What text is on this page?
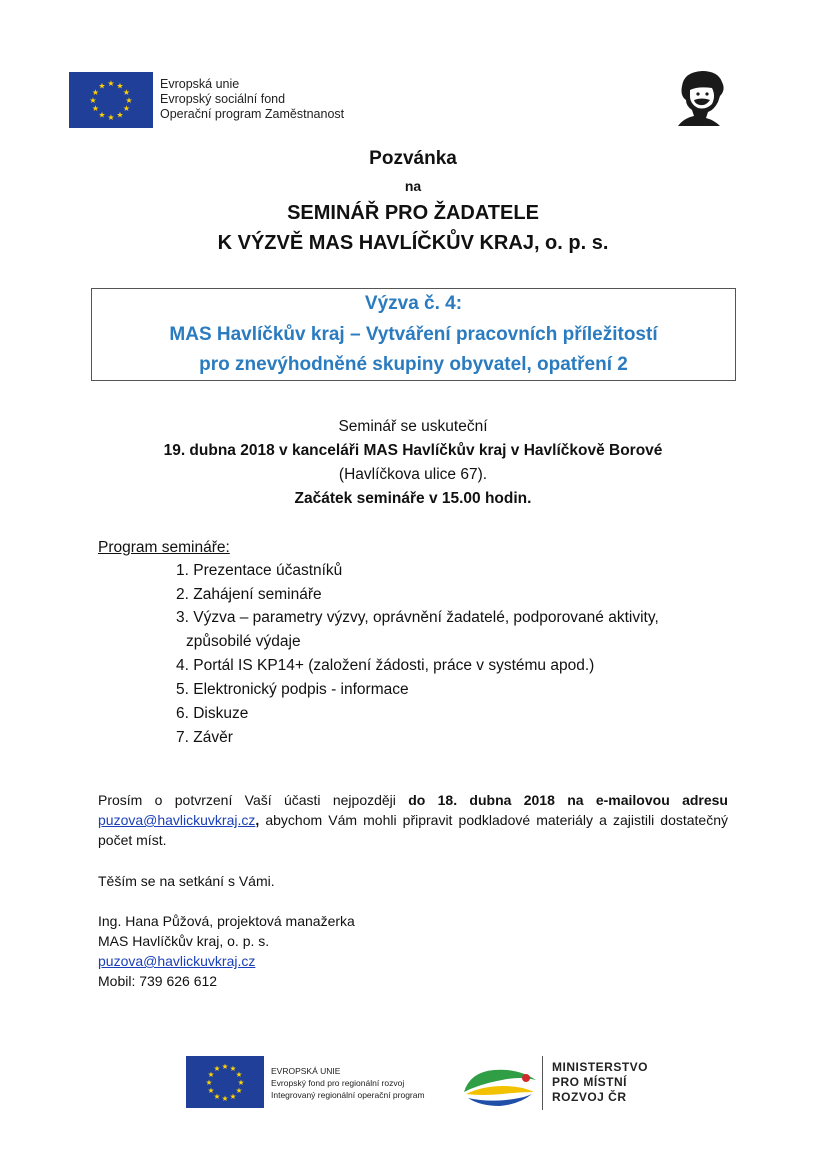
★ ★
★
★
★
★
★
★
★
★
★
★	Evropská unie
Evropský sociální fond
Operační program Zaměstnanost
Pozvánka
na
SEMINÁŘ PRO ŽADATELE
K VÝZVĚ MAS HAVLÍČKŮV KRAJ, o. p. s.
Výzva č. 4:
MAS Havlíčkův kraj – Vytváření pracovních příležitostí
pro znevýhodněné skupiny obyvatel, opatření 2
Seminář se uskuteční
19. dubna 2018 v kanceláři MAS Havlíčkův kraj v Havlíčkově Borové
(Havlíčkova ulice 67).
Začátek semináře v 15.00 hodin.
Program semináře:
1. Prezentace účastníků
2. Zahájení semináře
3. Výzva – parametry výzvy, oprávnění žadatelé, podporované aktivity,
způsobilé výdaje
4. Portál IS KP14+ (založení žádosti, práce v systému apod.)
5. Elektronický podpis - informace
6. Diskuze
7. Závěr
Prosím o potvrzení Vaší účasti nejpozději do 18. dubna 2018 na e-mailovou adresu puzova@havlickuvkraj.cz, abychom Vám mohli připravit podkladové materiály a zajistili dostatečný počet míst.
Těším se na setkání s Vámi.
Ing. Hana Půžová, projektová manažerka
MAS Havlíčkův kraj, o. p. s.
puzova@havlickuvkraj.cz
Mobil: 739 626 612
★ ★
★
★
★
★
★
★
★
★
★
★	EVROPSKÁ UNIE
Evropský fond pro regionální rozvoj
Integrovaný regionální operační program
MINISTERSTVO
PRO MÍSTNÍ
ROZVOJ ČR
